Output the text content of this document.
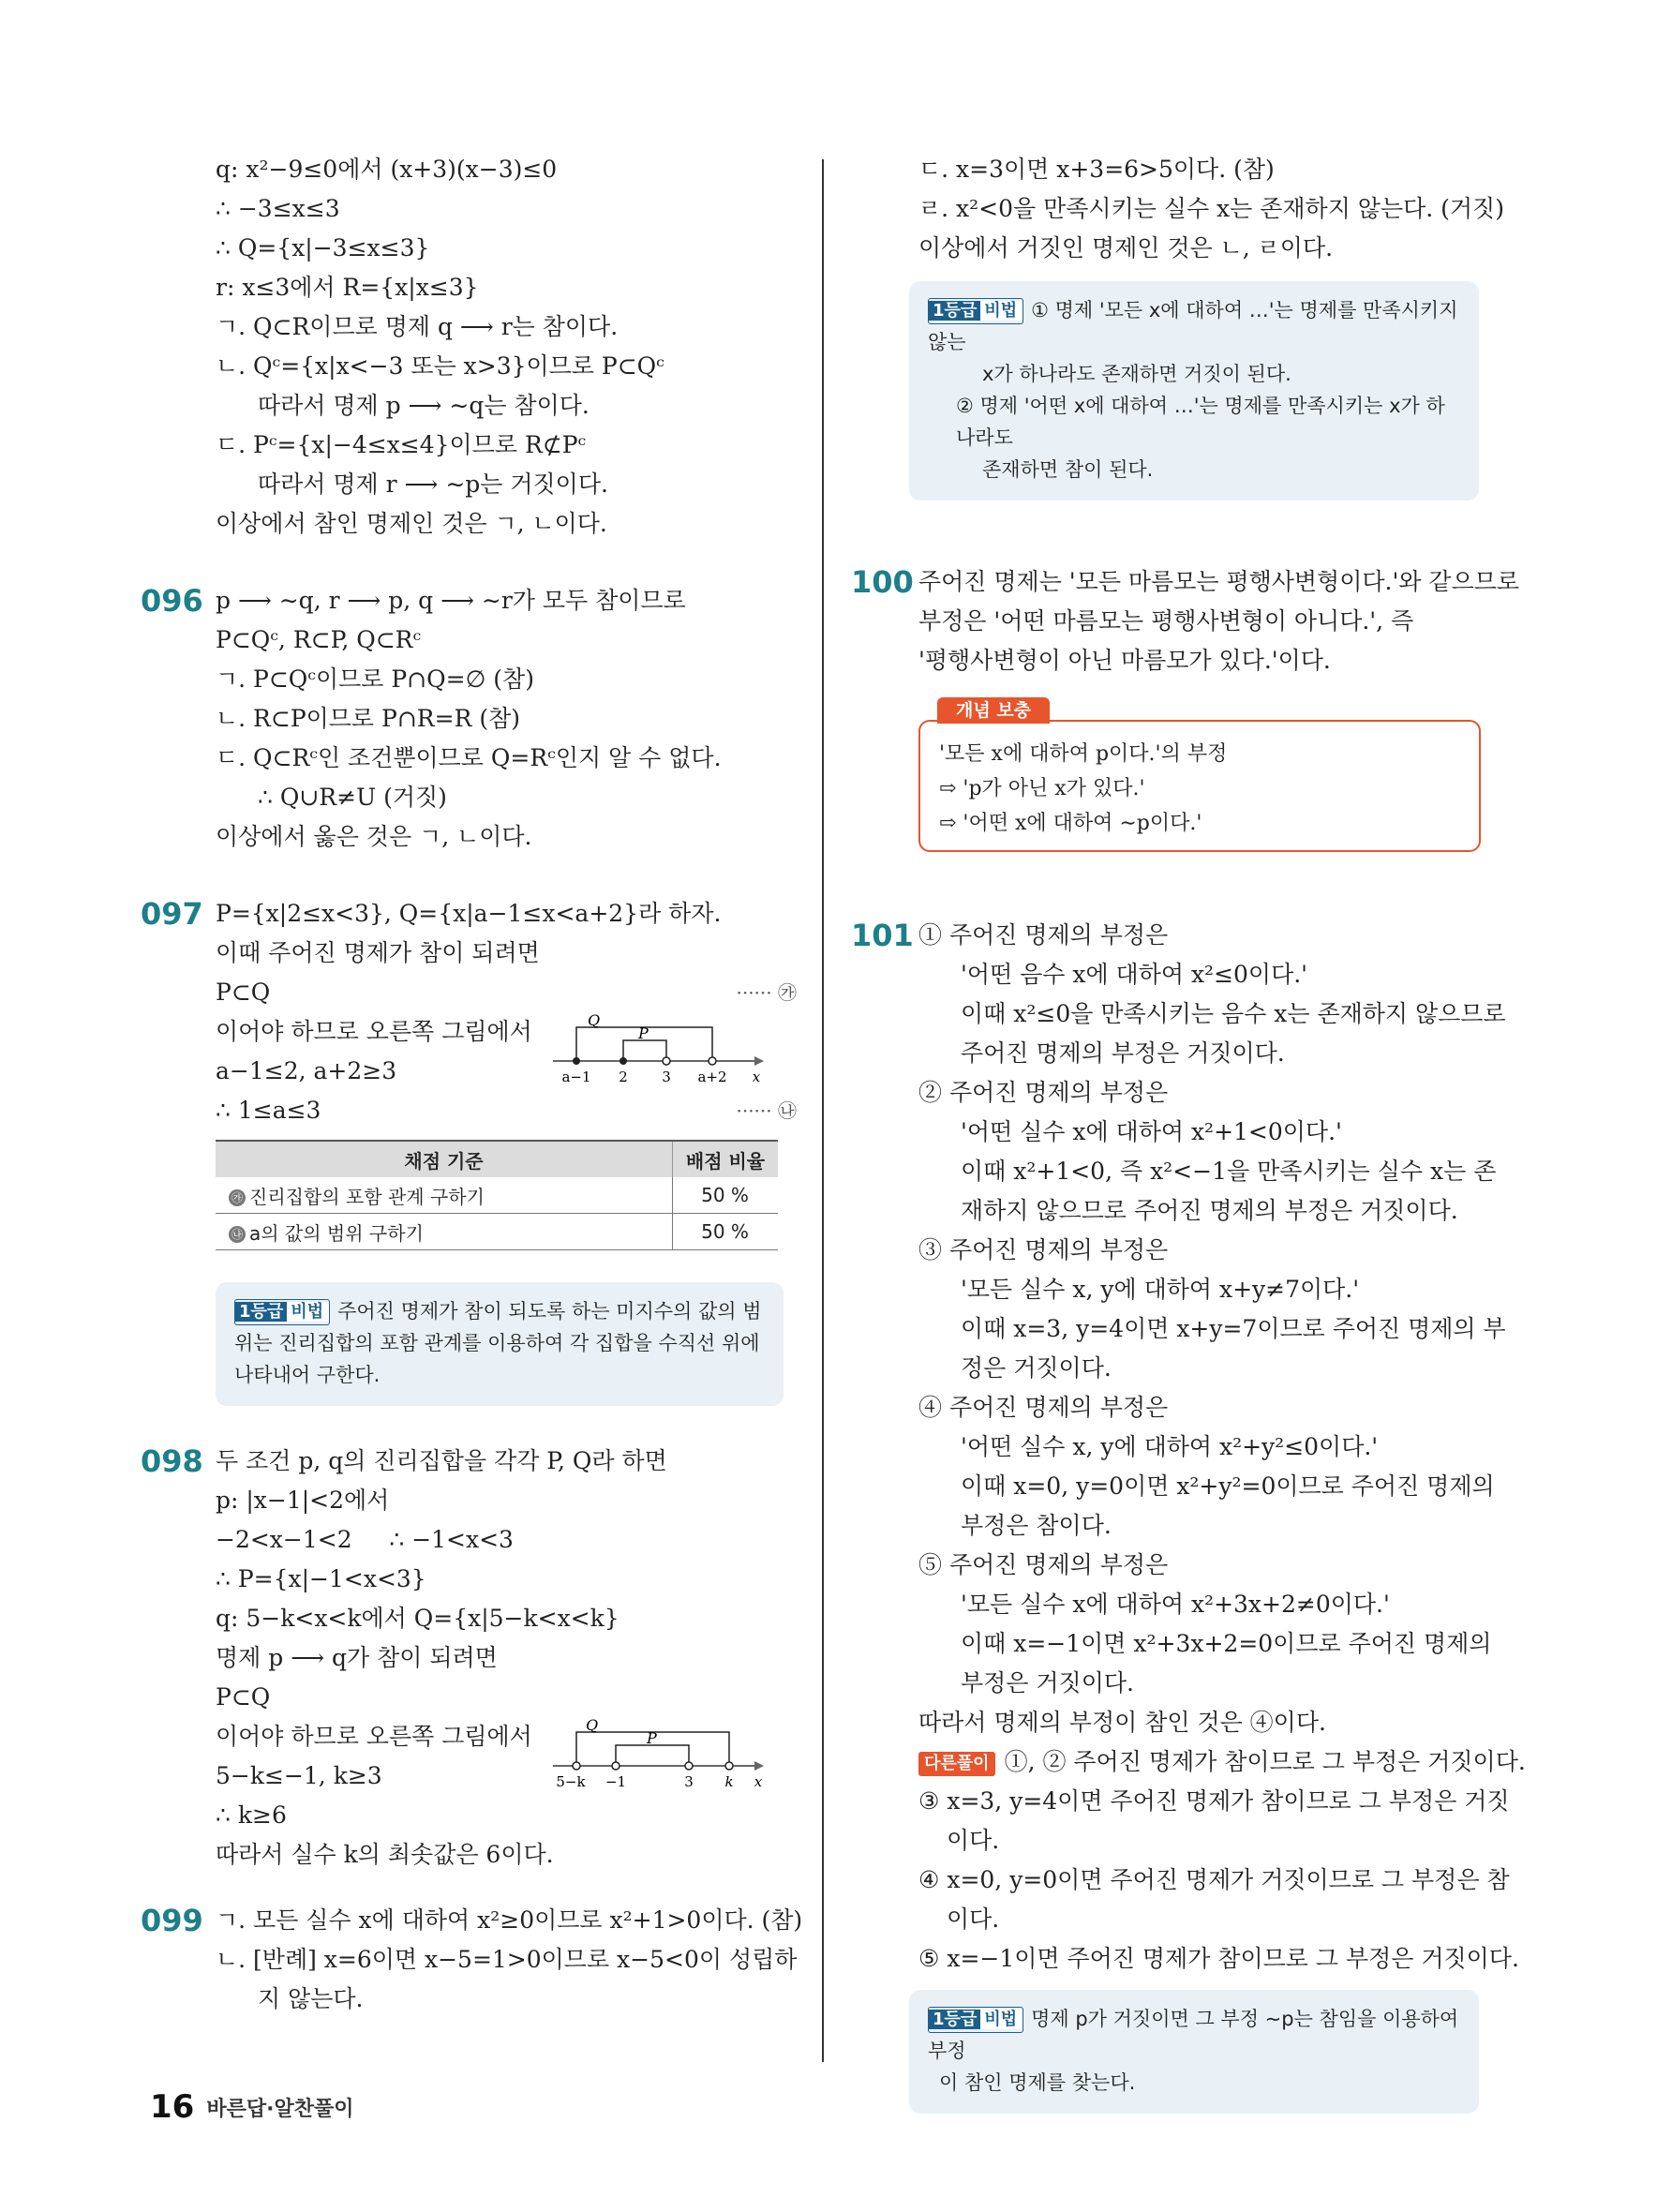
q: x²−9≤0에서 (x+3)(x−3)≤0
∴ −3≤x≤3
∴ Q={x|−3≤x≤3}
r: x≤3에서 R={x|x≤3}
ㄱ. Q⊂R이므로 명제 q ⟶ r는 참이다.
ㄴ. Qᶜ={x|x<−3 또는 x>3}이므로 P⊂Qᶜ
따라서 명제 p ⟶ ∼q는 참이다.
ㄷ. Pᶜ={x|−4≤x≤4}이므로 R⊄Pᶜ
따라서 명제 r ⟶ ∼p는 거짓이다.
이상에서 참인 명제인 것은 ㄱ, ㄴ이다.
096 p ⟶ ∼q, r ⟶ p, q ⟶ ∼r가 모두 참이므로
P⊂Qᶜ, R⊂P, Q⊂Rᶜ
ㄱ. P⊂Qᶜ이므로 P∩Q=∅ (참)
ㄴ. R⊂P이므로 P∩R=R (참)
ㄷ. Q⊂Rᶜ인 조건뿐이므로 Q=Rᶜ인지 알 수 없다.
∴ Q∪R≠U (거짓)
이상에서 옳은 것은 ㄱ, ㄴ이다.
097 P={x|2≤x<3}, Q={x|a−1≤x<a+2}라 하자.
이때 주어진 명제가 참이 되려면
P⊂Q	······ ㉮
이어야 하므로 오른쪽 그림에서
a−1≤2, a+2≥3
Q
P
a−1 2 3 a+2 x
∴ 1≤a≤3	······ ㉯
채점 기준	배점 비율
㉮ 진리집합의 포함 관계 구하기	50 %
㉯ a의 값의 범위 구하기	50 %
1등급 비법 주어진 명제가 참이 되도록 하는 미지수의 값의 범위는 진리집합의 포함 관계를 이용하여 각 집합을 수직선 위에 나타내어 구한다.
098 두 조건 p, q의 진리집합을 각각 P, Q라 하면
p: |x−1|<2에서
−2<x−1<2     ∴ −1<x<3
∴ P={x|−1<x<3}
q: 5−k<x<k에서 Q={x|5−k<x<k}
명제 p ⟶ q가 참이 되려면
P⊂Q
이어야 하므로 오른쪽 그림에서
5−k≤−1, k≥3
Q
P
5−k −1	3 k x
∴ k≥6
따라서 실수 k의 최솟값은 6이다.
099 ㄱ. 모든 실수 x에 대하여 x²≥0이므로 x²+1>0이다. (참)
ㄴ. [반례] x=6이면 x−5=1>0이므로 x−5<0이 성립하
지 않는다.
ㄷ. x=3이면 x+3=6>5이다. (참)
ㄹ. x²<0을 만족시키는 실수 x는 존재하지 않는다. (거짓)
이상에서 거짓인 명제인 것은 ㄴ, ㄹ이다.
1등급 비법 ① 명제 '모든 x에 대하여 …'는 명제를 만족시키지 않는
x가 하나라도 존재하면 거짓이 된다.
② 명제 '어떤 x에 대하여 …'는 명제를 만족시키는 x가 하나라도
존재하면 참이 된다.
100 주어진 명제는 '모든 마름모는 평행사변형이다.'와 같으므로
부정은 '어떤 마름모는 평행사변형이 아니다.', 즉
'평행사변형이 아닌 마름모가 있다.'이다.
개념 보충
'모든 x에 대하여 p이다.'의 부정
⇨ 'p가 아닌 x가 있다.'
⇨ '어떤 x에 대하여 ∼p이다.'
101 ① 주어진 명제의 부정은
'어떤 음수 x에 대하여 x²≤0이다.'
이때 x²≤0을 만족시키는 음수 x는 존재하지 않으므로
주어진 명제의 부정은 거짓이다.
② 주어진 명제의 부정은
'어떤 실수 x에 대하여 x²+1<0이다.'
이때 x²+1<0, 즉 x²<−1을 만족시키는 실수 x는 존
재하지 않으므로 주어진 명제의 부정은 거짓이다.
③ 주어진 명제의 부정은
'모든 실수 x, y에 대하여 x+y≠7이다.'
이때 x=3, y=4이면 x+y=7이므로 주어진 명제의 부
정은 거짓이다.
④ 주어진 명제의 부정은
'어떤 실수 x, y에 대하여 x²+y²≤0이다.'
이때 x=0, y=0이면 x²+y²=0이므로 주어진 명제의
부정은 참이다.
⑤ 주어진 명제의 부정은
'모든 실수 x에 대하여 x²+3x+2≠0이다.'
이때 x=−1이면 x²+3x+2=0이므로 주어진 명제의
부정은 거짓이다.
따라서 명제의 부정이 참인 것은 ④이다.
다른풀이 ①, ② 주어진 명제가 참이므로 그 부정은 거짓이다.
③ x=3, y=4이면 주어진 명제가 참이므로 그 부정은 거짓
이다.
④ x=0, y=0이면 주어진 명제가 거짓이므로 그 부정은 참
이다.
⑤ x=−1이면 주어진 명제가 참이므로 그 부정은 거짓이다.
1등급 비법 명제 p가 거짓이면 그 부정 ∼p는 참임을 이용하여 부정
이 참인 명제를 찾는다.
16 바른답·알찬풀이
